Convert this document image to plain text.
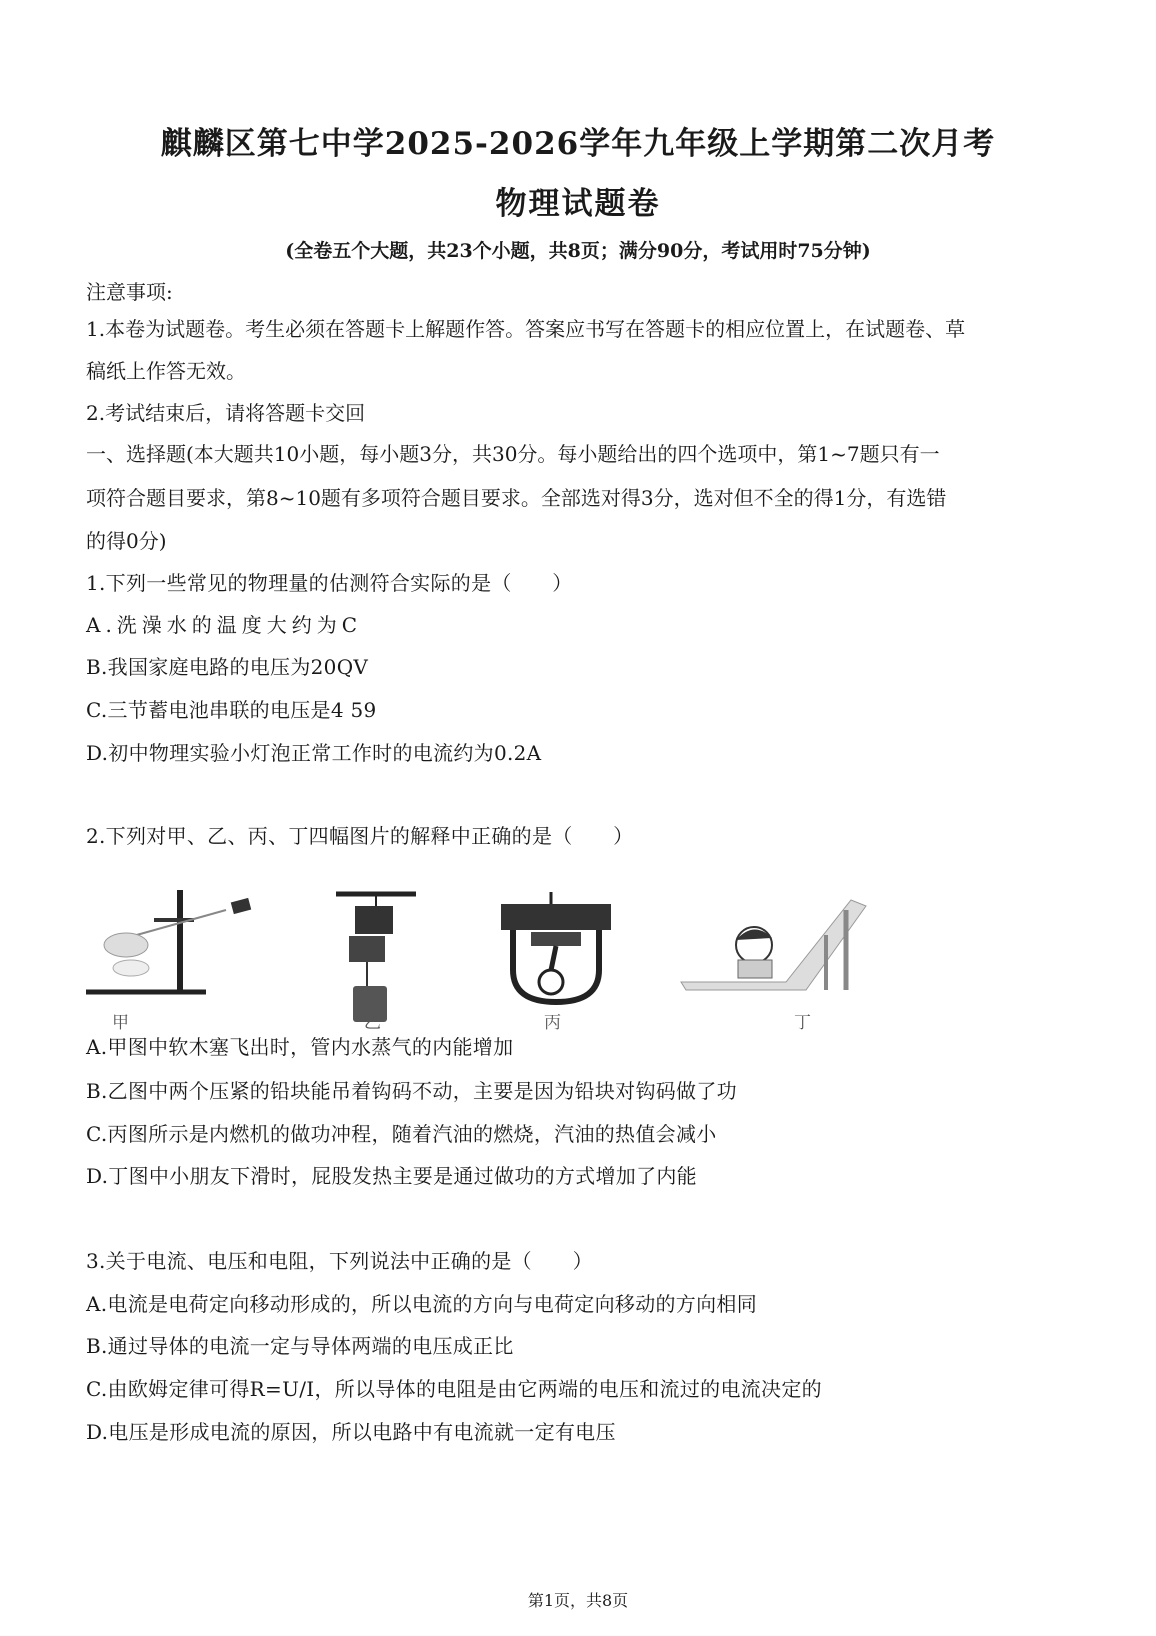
麒麟区第七中学2025-2026学年九年级上学期第二次月考
物理试题卷
(全卷五个大题，共23个小题，共8页；满分90分，考试用时75分钟)
注意事项:
1.本卷为试题卷。考生必须在答题卡上解题作答。答案应书写在答题卡的相应位置上，在试题卷、草
稿纸上作答无效。
2.考试结束后，请将答题卡交回
一、选择题(本大题共10小题，每小题3分，共30分。每小题给出的四个选项中，第1~7题只有一
项符合题目要求，第8~10题有多项符合题目要求。全部选对得3分，选对但不全的得1分，有选错
的得0分)
1.下列一些常见的物理量的估测符合实际的是（　　）
A.洗澡水的温度大约为C
B.我国家庭电路的电压为20QV
C.三节蓄电池串联的电压是4 59
D.初中物理实验小灯泡正常工作时的电流约为0.2A
2.下列对甲、乙、丙、丁四幅图片的解释中正确的是（　　）
甲	乙	丙	丁
A.甲图中软木塞飞出时，管内水蒸气的内能增加
B.乙图中两个压紧的铅块能吊着钩码不动，主要是因为铅块对钩码做了功
C.丙图所示是内燃机的做功冲程，随着汽油的燃烧，汽油的热值会减小
D.丁图中小朋友下滑时，屁股发热主要是通过做功的方式增加了内能
3.关于电流、电压和电阻，下列说法中正确的是（　　）
A.电流是电荷定向移动形成的，所以电流的方向与电荷定向移动的方向相同
B.通过导体的电流一定与导体两端的电压成正比
C.由欧姆定律可得R=U/I，所以导体的电阻是由它两端的电压和流过的电流决定的
D.电压是形成电流的原因，所以电路中有电流就一定有电压
第1页，共8页
